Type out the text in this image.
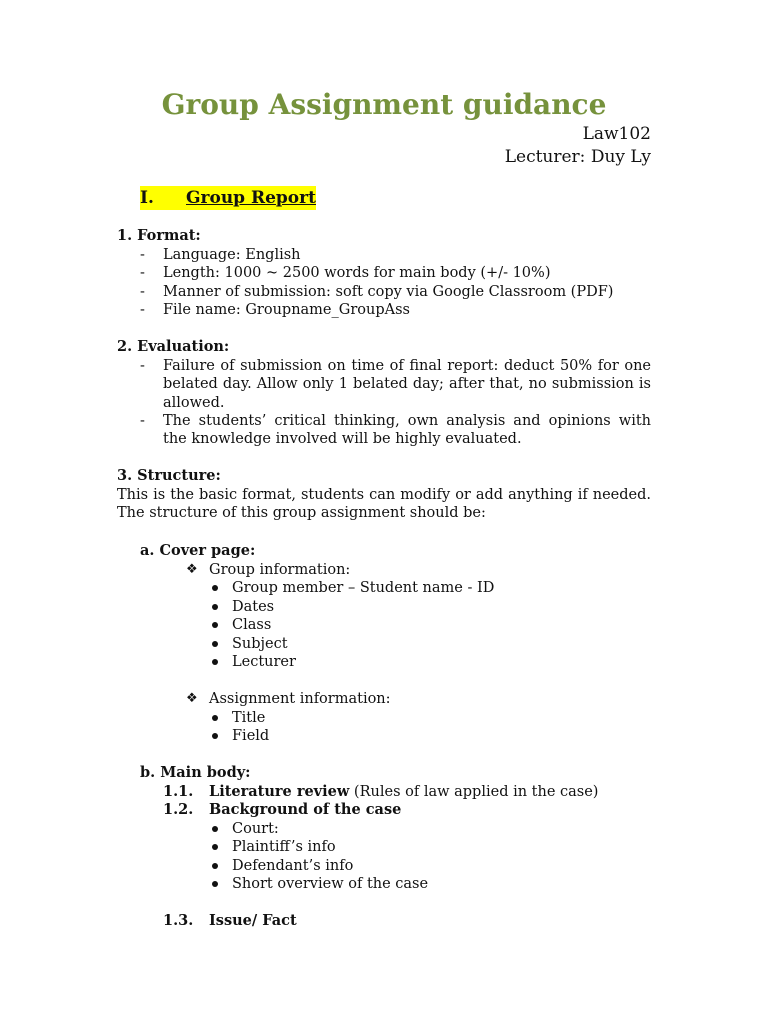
Group Assignment guidance
Law102
Lecturer: Duy Ly
I. Group Report
1. Format:
- Language: English
- Length: 1000 ~ 2500 words for main body (+/- 10%)
- Manner of submission: soft copy via Google Classroom (PDF)
- File name: Groupname_GroupAss
2. Evaluation:
- Failure of submission on time of final report: deduct 50% for one belated day. Allow only 1 belated day; after that, no submission is allowed.
- The students’ critical thinking, own analysis and opinions with the knowledge involved will be highly evaluated.
3. Structure:
This is the basic format, students can modify or add anything if needed. The structure of this group assignment should be:
a. Cover page:
❖ Group information:
Group member – Student name - ID
Dates
Class
Subject
Lecturer
❖ Assignment information:
Title
Field
b. Main body:
1.1. Literature review (Rules of law applied in the case)
1.2. Background of the case
Court:
Plaintiff’s info
Defendant’s info
Short overview of the case
1.3. Issue/ Fact
